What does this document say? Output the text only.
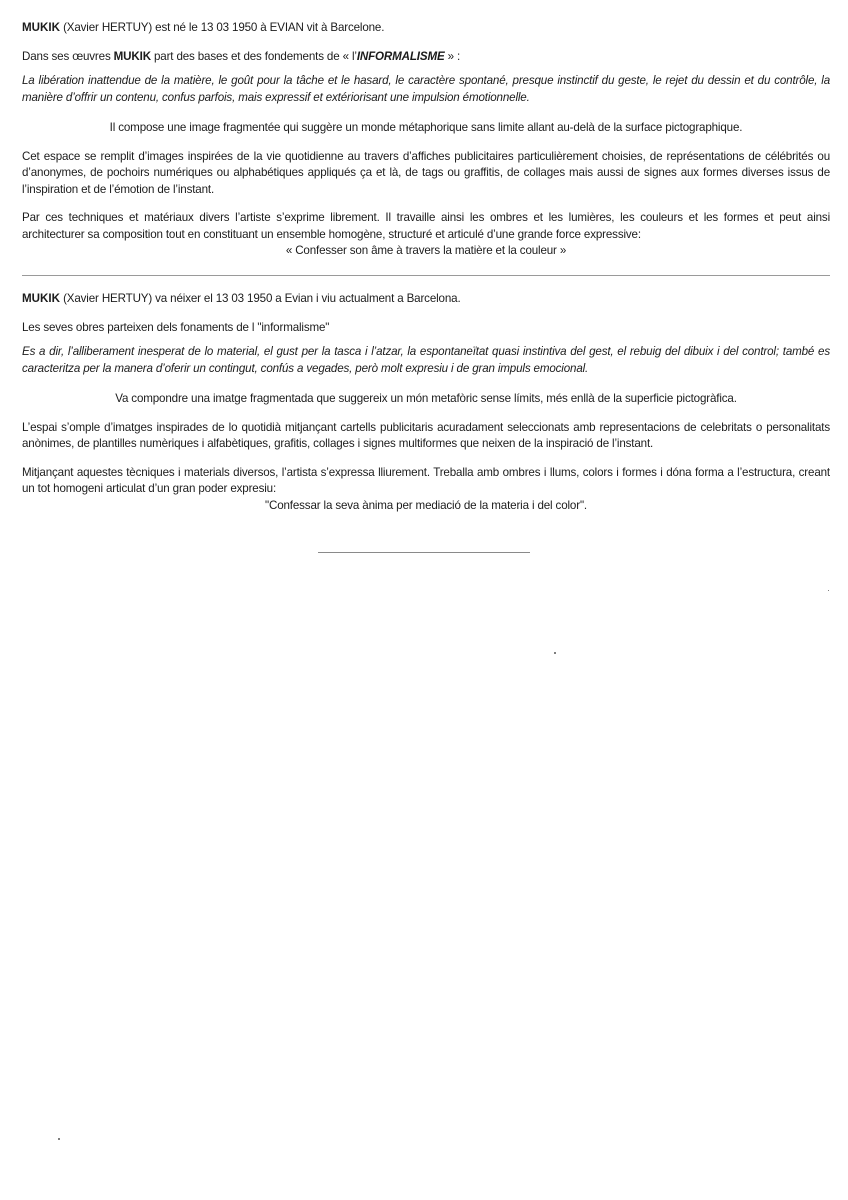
MUKIK (Xavier HERTUY) est né le 13 03 1950 à EVIAN vit à Barcelone.

Dans ses œuvres MUKIK part des bases et des fondements de « l’INFORMALISME » :

La libération inattendue de la matière, le goût pour la tâche et le hasard, le caractère spontané, presque instinctif du geste, le rejet du dessin et du contrôle, la manière d’offrir un contenu, confus parfois, mais expressif et extériorisant une impulsion émotionnelle.

Il compose une image fragmentée qui suggère un monde métaphorique sans limite allant au-delà de la surface pictographique.

Cet espace se remplit d’images inspirées de la vie quotidienne au travers d’affiches publicitaires particulièrement choisies, de représentations de célébrités ou d’anonymes, de pochoirs numériques ou alphabétiques appliqués ça et là, de tags ou graffitis, de collages mais aussi de signes aux formes diverses issus de l’inspiration et de l’émotion de l’instant.

Par ces techniques et matériaux divers l’artiste s’exprime librement. Il travaille ainsi les ombres et les lumières, les couleurs et les formes et peut ainsi architecturer sa composition tout en constituant un ensemble homogène, structuré et articulé d’une grande force expressive:

« Confesser son âme à travers la matière et la couleur »

MUKIK (Xavier HERTUY) va néixer el 13 03 1950 a Evian i viu actualment a Barcelona.

Les seves obres parteixen dels fonaments de l "informalisme"

Es a dir, l’alliberament inesperat de lo material, el gust per la tasca i l’atzar, la espontaneïtat quasi instintiva del gest, el rebuig del dibuix i del control; també es caracteritza per la manera d’oferir un contingut, confús a vegades, però molt expresiu i de gran impuls emocional.

Va compondre una imatge fragmentada que suggereix un món metafòric sense límits, més enllà de la superficie pictogràfica.

L’espai s’omple d’imatges inspirades de lo quotidià mitjançant cartells publicitaris acuradament seleccionats amb representacions de celebritats o personalitats anònimes, de plantilles numèriques i alfabètiques, grafitis, collages i signes multiformes que neixen de la inspiració de l’instant.

Mitjançant aquestes tècniques i materials diversos, l’artista s’expressa lliurement. Treballa amb ombres i llums, colors i formes i dóna forma a l’estructura, creant un tot homogeni articulat d’un gran poder expresiu:

"Confessar la seva ànima per mediació de la materia i del color".
